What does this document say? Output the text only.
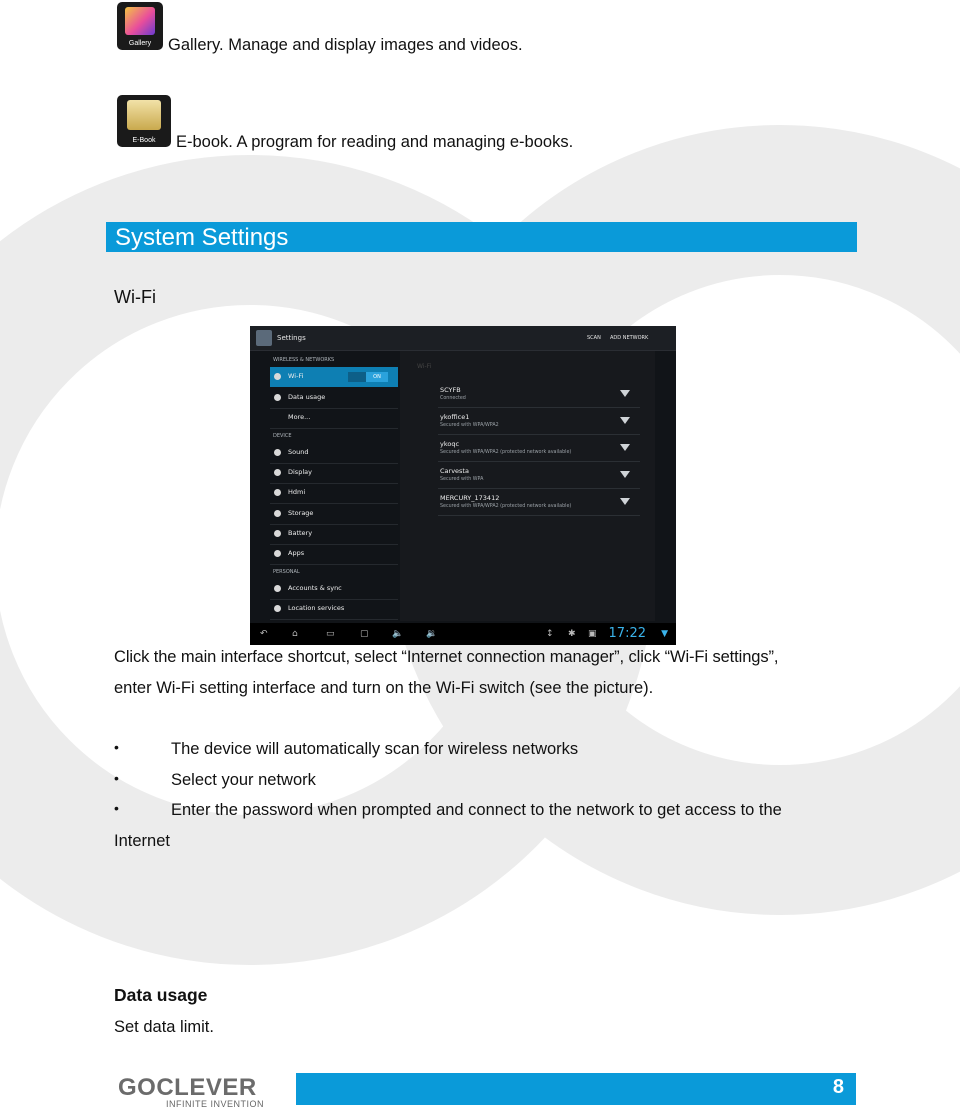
Gallery	Gallery. Manage and display images and videos.
E-Book	E-book. A program for reading and managing e-books.
System Settings
Wi-Fi
Settings	SCAN ADD NETWORK
WIRELESS & NETWORKS
Wi-Fi	ON
Data usage
More...
DEVICE
Sound
Display
Hdmi
Storage
Battery
Apps
PERSONAL
Accounts & sync
Location services
Wi-Fi
SCYFB
Connected
ykoffice1
Secured with WPA/WPA2
ykoqc
Secured with WPA/WPA2 (protected network available)
Carvesta
Secured with WPA
MERCURY_173412
Secured with WPA/WPA2 (protected network available)
↶	⌂	▭	▢	🔈	🔉	↕ ✱ ▣ 17:22 ▼
Click the main interface shortcut, select “Internet connection manager”, click “Wi-Fi settings”,
enter Wi-Fi setting interface and turn on the Wi-Fi switch (see the picture).
•	The device will automatically scan for wireless networks
•	Select your network
•	Enter the password when prompted and connect to the network to get access to the
Internet
Data usage
Set data limit.
GOCLEVER
INFINITE INVENTION
8
